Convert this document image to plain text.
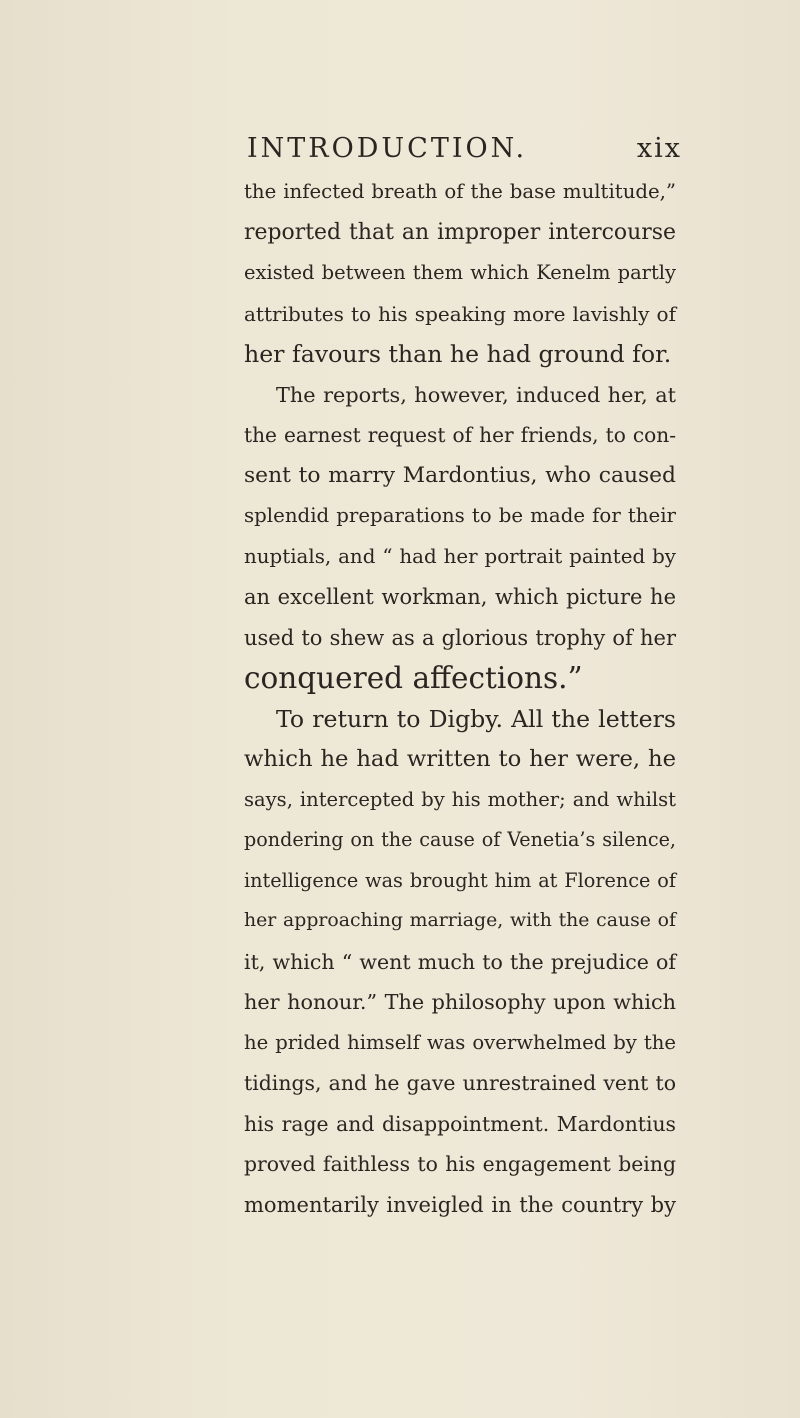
INTRODUCTION.	xix
the infected breath of the base multitude,”
reported that an improper intercourse
existed between them which Kenelm partly
attributes to his speaking more lavishly of
her favours than he had ground for.
The reports, however, induced her, at
the earnest request of her friends, to con-
sent to marry Mardontius, who caused
splendid preparations to be made for their
nuptials, and “ had her portrait painted by
an excellent workman, which picture he
used to shew as a glorious trophy of her
conquered affections.”
To return to Digby. All the letters
which he had written to her were, he
says, intercepted by his mother; and whilst
pondering on the cause of Venetia’s silence,
intelligence was brought him at Florence of
her approaching marriage, with the cause of
it, which “ went much to the prejudice of
her honour.” The philosophy upon which
he prided himself was overwhelmed by the
tidings, and he gave unrestrained vent to
his rage and disappointment. Mardontius
proved faithless to his engagement being
momentarily inveigled in the country by
